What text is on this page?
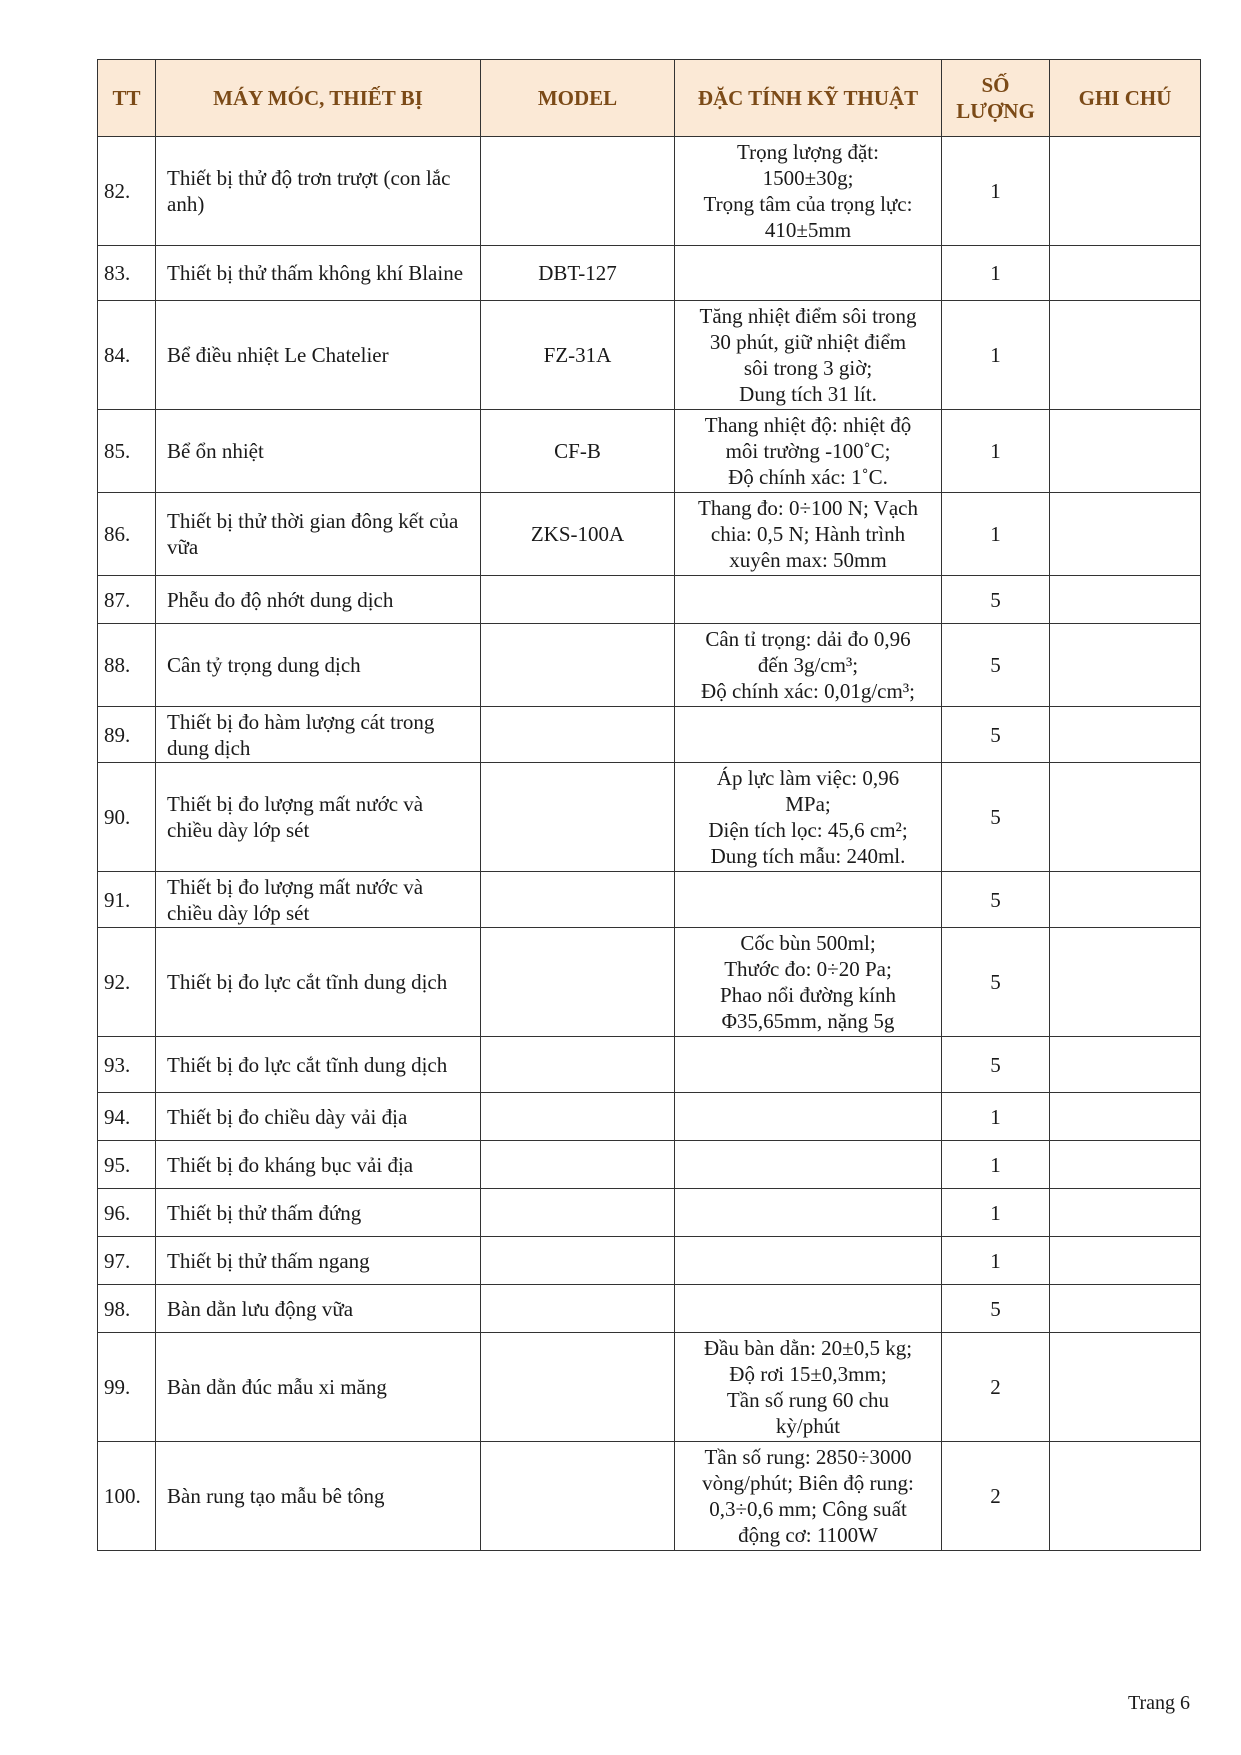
TT	MÁY MÓC, THIẾT BỊ	MODEL	ĐẶC TÍNH KỸ THUẬT	SỐ
LƯỢNG	GHI CHÚ
82.	Thiết bị thử độ trơn trượt (con lắc anh)		Trọng lượng đặt:
1500±30g;
Trọng tâm của trọng lực:
410±5mm	1	
83.	Thiết bị thử thấm không khí Blaine	DBT-127		1	
84.	Bể điều nhiệt Le Chatelier	FZ-31A	Tăng nhiệt điểm sôi trong
30 phút, giữ nhiệt điểm
sôi trong 3 giờ;
Dung tích 31 lít.	1	
85.	Bể ổn nhiệt	CF-B	Thang nhiệt độ: nhiệt độ
môi trường -100˚C;
Độ chính xác: 1˚C.	1	
86.	Thiết bị thử thời gian đông kết của vữa	ZKS-100A	Thang đo: 0÷100 N; Vạch
chia: 0,5 N; Hành trình
xuyên max: 50mm	1	
87.	Phễu đo độ nhớt dung dịch			5	
88.	Cân tỷ trọng dung dịch		Cân tỉ trọng: dải đo 0,96
đến 3g/cm³;
Độ chính xác: 0,01g/cm³;	5	
89.	Thiết bị đo hàm lượng cát trong dung dịch			5	
90.	Thiết bị đo lượng mất nước và chiều dày lớp sét		Áp lực làm việc: 0,96
MPa;
Diện tích lọc: 45,6 cm²;
Dung tích mẫu: 240ml.	5	
91.	Thiết bị đo lượng mất nước và chiều dày lớp sét			5	
92.	Thiết bị đo lực cắt tĩnh dung dịch		Cốc bùn 500ml;
Thước đo: 0÷20 Pa;
Phao nổi đường kính
Φ35,65mm, nặng 5g	5	
93.	Thiết bị đo lực cắt tĩnh dung dịch			5	
94.	Thiết bị đo chiều dày vải địa			1	
95.	Thiết bị đo kháng bục vải địa			1	
96.	Thiết bị thử thấm đứng			1	
97.	Thiết bị thử thấm ngang			1	
98.	Bàn dằn lưu động vữa			5	
99.	Bàn dằn đúc mẫu xi măng		Đầu bàn dằn: 20±0,5 kg;
Độ rơi 15±0,3mm;
Tần số rung 60 chu
kỳ/phút	2	
100.	Bàn rung tạo mẫu bê tông		Tần số rung: 2850÷3000
vòng/phút; Biên độ rung:
0,3÷0,6 mm; Công suất
động cơ: 1100W	2	
Trang 6
